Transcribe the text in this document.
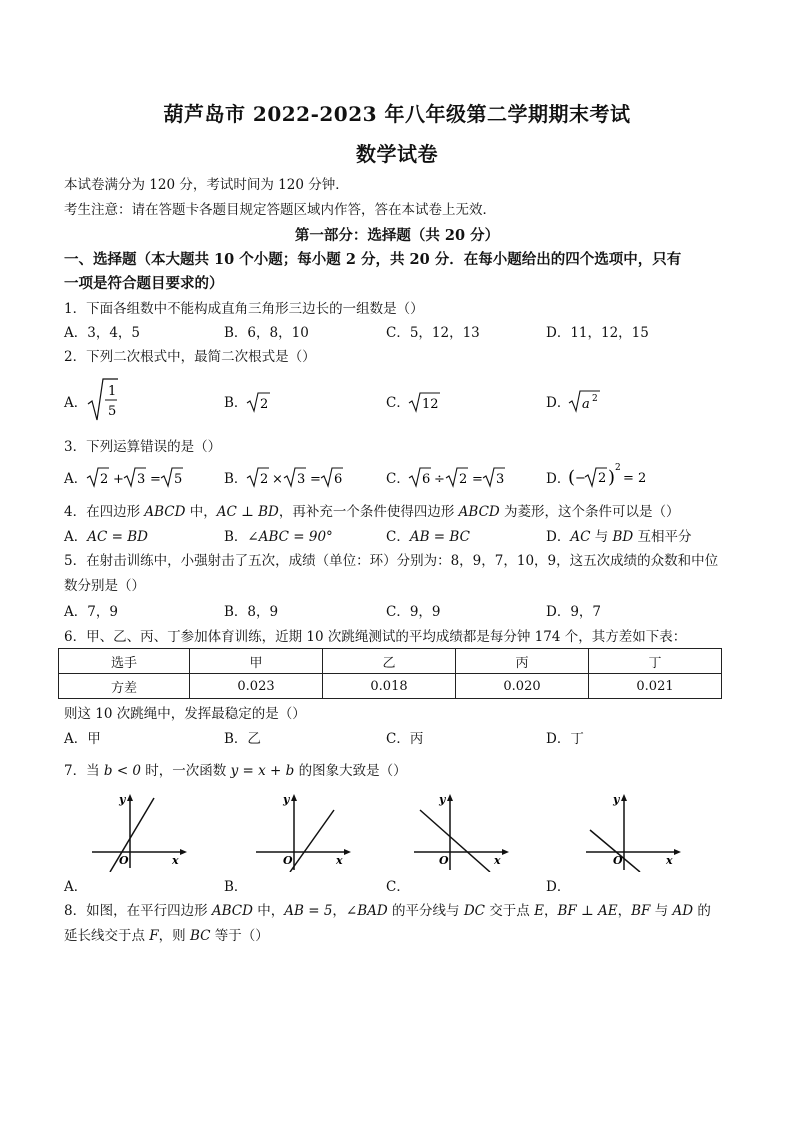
葫芦岛市 2022-2023 年八年级第二学期期末考试
数学试卷
本试卷满分为 120 分，考试时间为 120 分钟．
考生注意：请在答题卡各题目规定答题区域内作答，答在本试卷上无效．
第一部分：选择题（共 20 分）
一、选择题（本大题共 10 个小题；每小题 2 分，共 20 分．在每小题给出的四个选项中，只有
一项是符合题目要求的）
1．下面各组数中不能构成直角三角形三边长的一组数是（）
A．3，4，5	B．6，8，10	C．5，12，13	D．11，12，15
2．下列二次根式中，最简二次根式是（）
A．
1
5
B． 2	C． 12	D． a 2
3．下列运算错误的是（）
A． 2 + 3 = 5	B． 2 × 3 = 6	C． 6 ÷ 2 = 3	D．
( − 2 ) 2
= 2
4．在四边形 ABCD 中，AC ⊥ BD，再补充一个条件使得四边形 ABCD 为菱形，这个条件可以是（）
A．AC = BD	B．∠ABC = 90°	C．AB = BC	D．AC 与 BD 互相平分
5．在射击训练中，小强射击了五次，成绩（单位：环）分别为：8，9，7，10，9，这五次成绩的众数和中位
数分别是（）
A．7，9	B．8，9	C．9，9	D．9，7
6．甲、乙、丙、丁参加体育训练，近期 10 次跳绳测试的平均成绩都是每分钟 174 个，其方差如下表：
选手	甲	乙	丙	丁
方差	0.023	0.018	0.020	0.021
则这 10 次跳绳中，发挥最稳定的是（）
A．甲	B．乙	C．丙	D．丁
7．当 b < 0 时，一次函数 y = x + b 的图象大致是（）
y
x
O
A．
y
x
O
B．
y
x
O
C．
y
x
O
D．
8．如图，在平行四边形 ABCD 中，AB = 5，∠BAD 的平分线与 DC 交于点 E，BF ⊥ AE，BF 与 AD 的
延长线交于点 F，则 BC 等于（）
